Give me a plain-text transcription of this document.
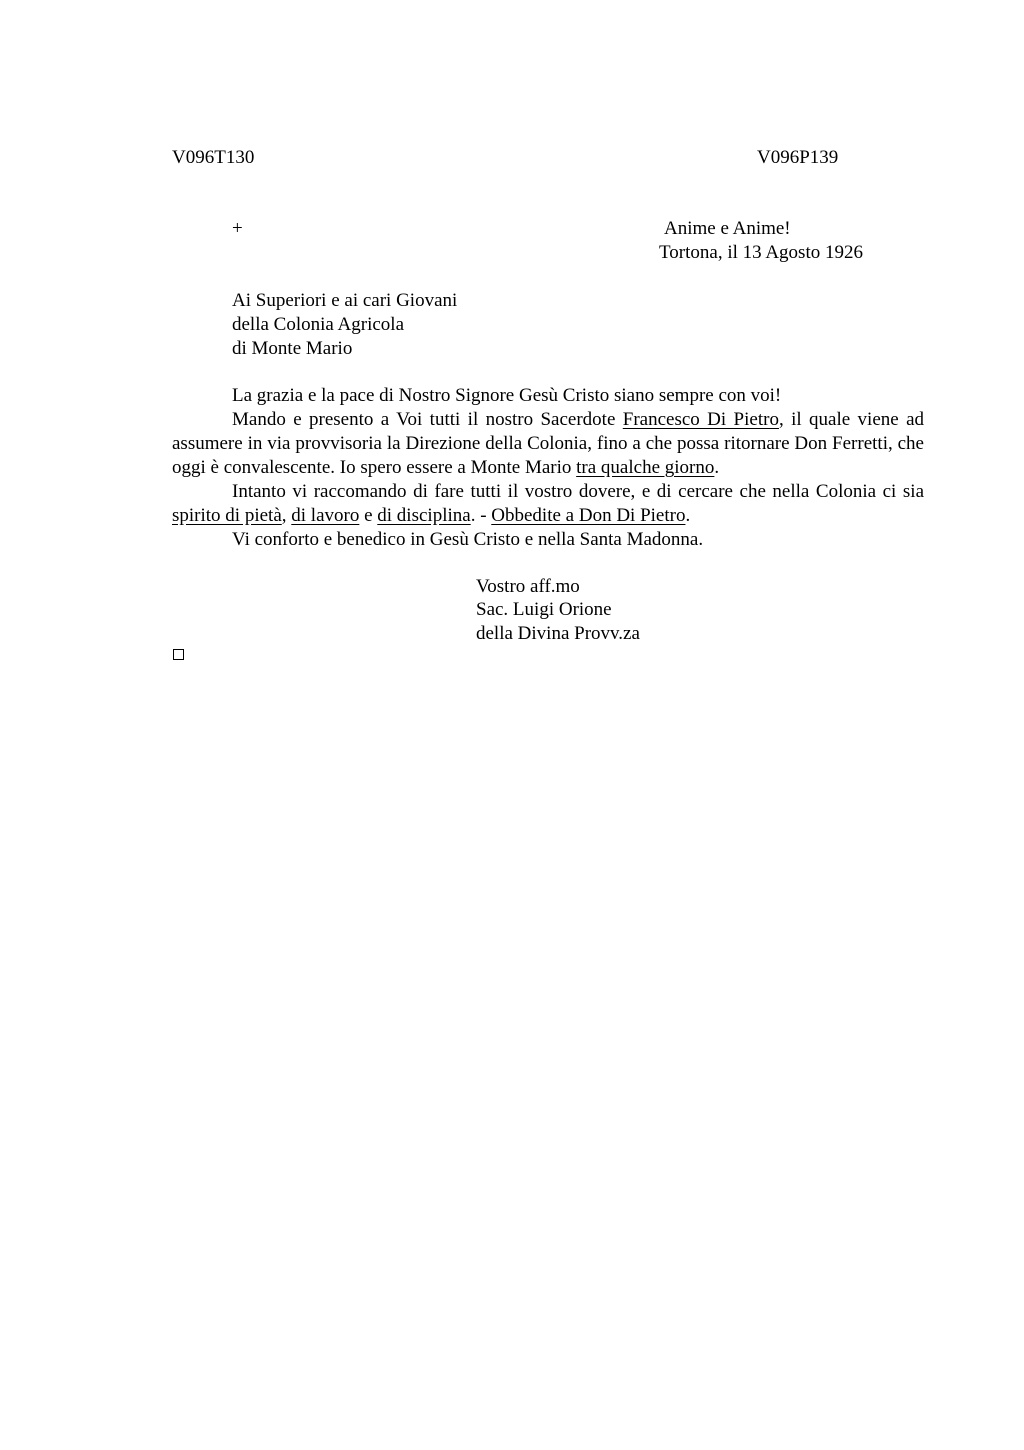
V096T130	V096P139
+	Anime e Anime!
Tortona, il 13 Agosto 1926
Ai Superiori e ai cari Giovani
della Colonia Agricola
di Monte Mario

La grazia e la pace di Nostro Signore Gesù Cristo siano sempre con voi!

Mando e presento a Voi tutti il nostro Sacerdote Francesco Di Pietro, il quale viene ad assumere in via provvisoria la Direzione della Colonia, fino a che possa ritornare Don Ferretti, che oggi è convalescente. Io spero essere a Monte Mario tra qualche giorno.

Intanto vi raccomando di fare tutti il vostro dovere, e di cercare che nella Colonia ci sia spirito di pietà, di lavoro e di disciplina. - Obbedite a Don Di Pietro.

Vi conforto e benedico in Gesù Cristo e nella Santa Madonna.

Vostro aff.mo
Sac. Luigi Orione
della Divina Provv.za
